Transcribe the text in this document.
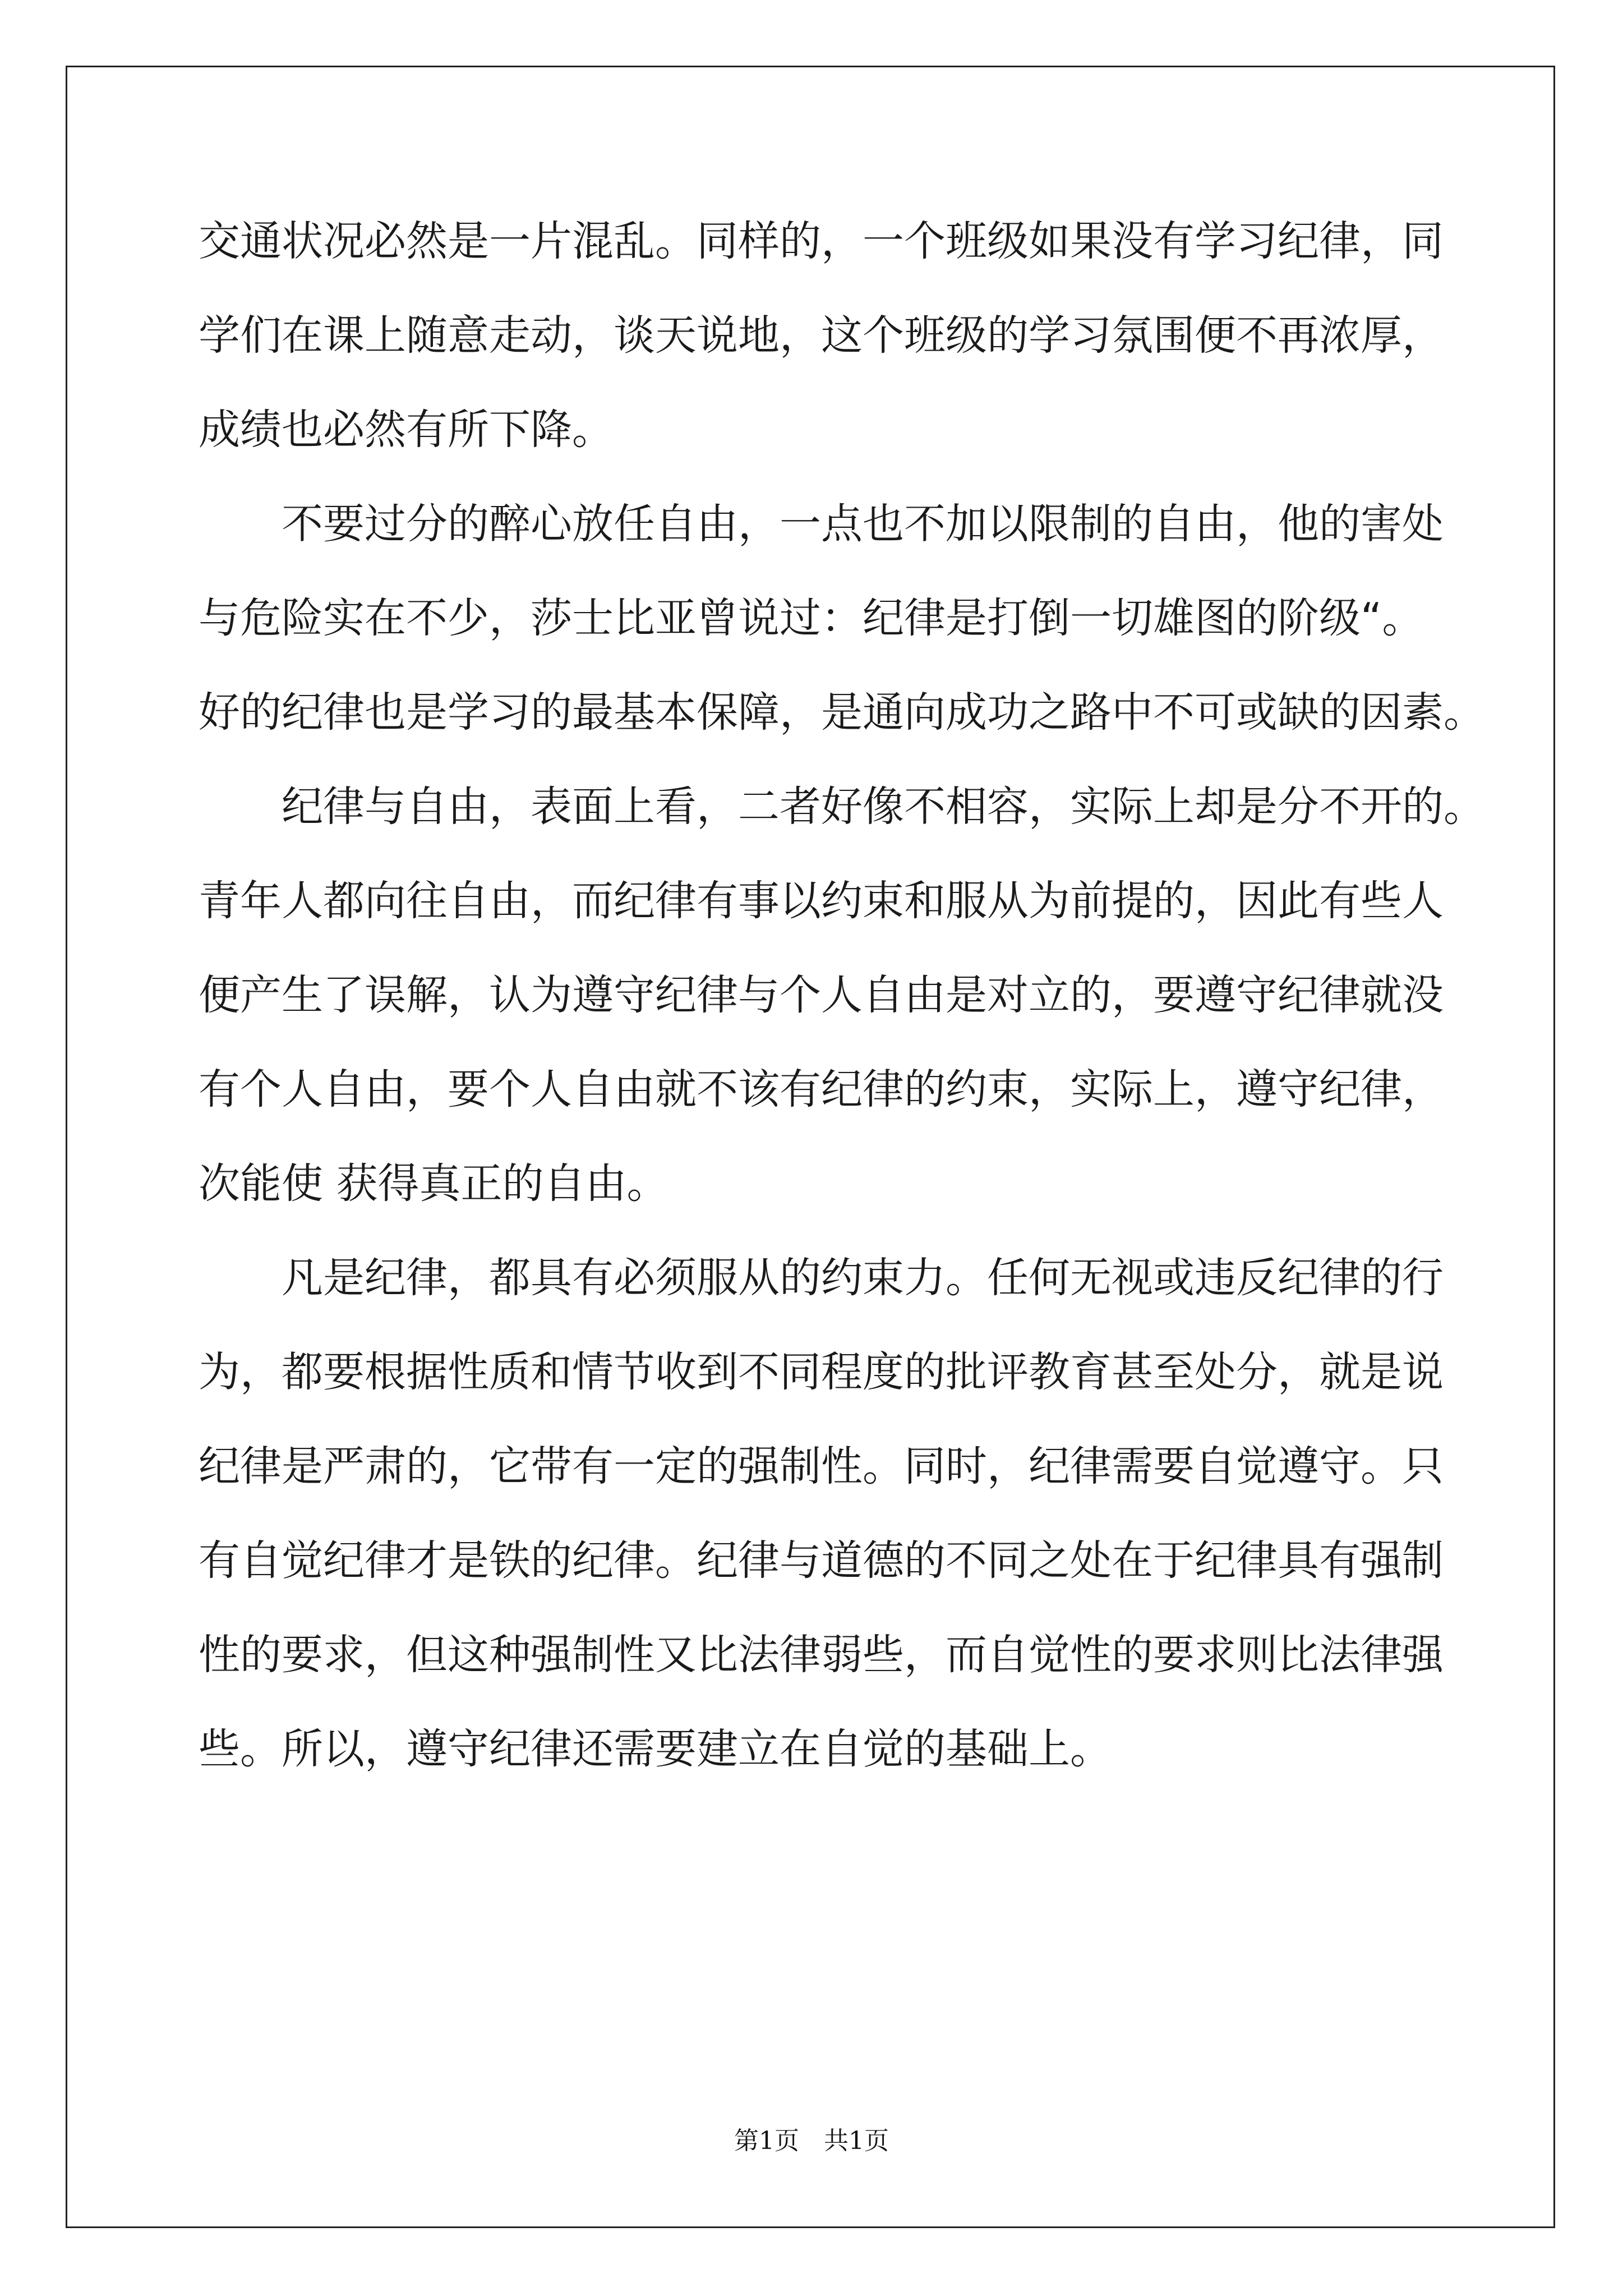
交通状况必然是一片混乱。同样的，一个班级如果没有学习纪律，同
学们在课上随意走动，谈天说地，这个班级的学习氛围便不再浓厚，
成绩也必然有所下降。
　　不要过分的醉心放任自由，一点也不加以限制的自由，他的害处
与危险实在不少，莎士比亚曾说过：纪律是打倒一切雄图的阶级“。
好的纪律也是学习的最基本保障，是通向成功之路中不可或缺的因素。
　　纪律与自由，表面上看，二者好像不相容，实际上却是分不开的。
青年人都向往自由，而纪律有事以约束和服从为前提的，因此有些人
便产生了误解，认为遵守纪律与个人自由是对立的，要遵守纪律就没
有个人自由，要个人自由就不该有纪律的约束，实际上，遵守纪律，
次能使 获得真正的自由。
　　凡是纪律，都具有必须服从的约束力。任何无视或违反纪律的行
为，都要根据性质和情节收到不同程度的批评教育甚至处分，就是说
纪律是严肃的，它带有一定的强制性。同时，纪律需要自觉遵守。只
有自觉纪律才是铁的纪律。纪律与道德的不同之处在于纪律具有强制
性的要求，但这种强制性又比法律弱些，而自觉性的要求则比法律强
些。所以，遵守纪律还需要建立在自觉的基础上。
第1页　共1页
